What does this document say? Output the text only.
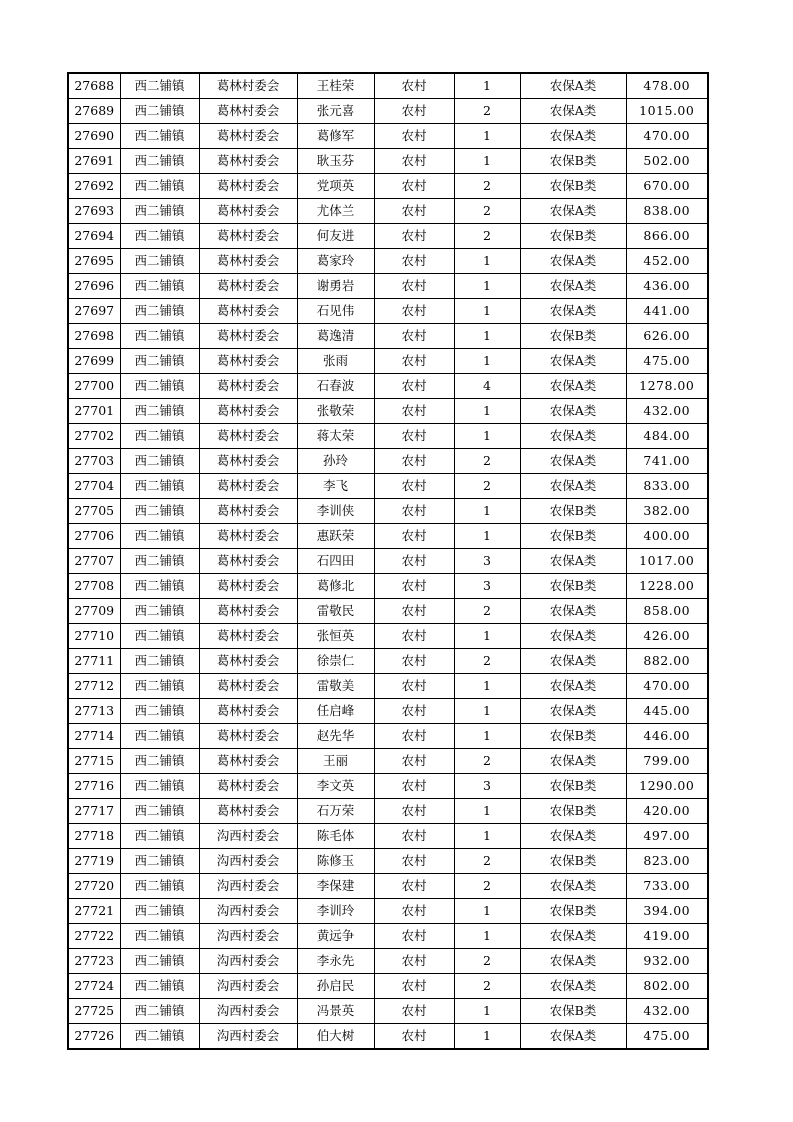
27688	西二铺镇	葛林村委会	王桂荣	农村	1	农保A类	478.00
27689	西二铺镇	葛林村委会	张元喜	农村	2	农保A类	1015.00
27690	西二铺镇	葛林村委会	葛修军	农村	1	农保A类	470.00
27691	西二铺镇	葛林村委会	耿玉芬	农村	1	农保B类	502.00
27692	西二铺镇	葛林村委会	党项英	农村	2	农保B类	670.00
27693	西二铺镇	葛林村委会	尤体兰	农村	2	农保A类	838.00
27694	西二铺镇	葛林村委会	何友进	农村	2	农保B类	866.00
27695	西二铺镇	葛林村委会	葛家玲	农村	1	农保A类	452.00
27696	西二铺镇	葛林村委会	谢勇岩	农村	1	农保A类	436.00
27697	西二铺镇	葛林村委会	石见伟	农村	1	农保A类	441.00
27698	西二铺镇	葛林村委会	葛逸清	农村	1	农保B类	626.00
27699	西二铺镇	葛林村委会	张雨	农村	1	农保A类	475.00
27700	西二铺镇	葛林村委会	石春波	农村	4	农保A类	1278.00
27701	西二铺镇	葛林村委会	张敬荣	农村	1	农保A类	432.00
27702	西二铺镇	葛林村委会	蒋太荣	农村	1	农保A类	484.00
27703	西二铺镇	葛林村委会	孙玲	农村	2	农保A类	741.00
27704	西二铺镇	葛林村委会	李飞	农村	2	农保A类	833.00
27705	西二铺镇	葛林村委会	李训侠	农村	1	农保B类	382.00
27706	西二铺镇	葛林村委会	惠跃荣	农村	1	农保B类	400.00
27707	西二铺镇	葛林村委会	石四田	农村	3	农保A类	1017.00
27708	西二铺镇	葛林村委会	葛修北	农村	3	农保B类	1228.00
27709	西二铺镇	葛林村委会	雷敬民	农村	2	农保A类	858.00
27710	西二铺镇	葛林村委会	张恒英	农村	1	农保A类	426.00
27711	西二铺镇	葛林村委会	徐崇仁	农村	2	农保A类	882.00
27712	西二铺镇	葛林村委会	雷敬美	农村	1	农保A类	470.00
27713	西二铺镇	葛林村委会	任启峰	农村	1	农保A类	445.00
27714	西二铺镇	葛林村委会	赵先华	农村	1	农保B类	446.00
27715	西二铺镇	葛林村委会	王丽	农村	2	农保A类	799.00
27716	西二铺镇	葛林村委会	李文英	农村	3	农保B类	1290.00
27717	西二铺镇	葛林村委会	石万荣	农村	1	农保B类	420.00
27718	西二铺镇	沟西村委会	陈毛体	农村	1	农保A类	497.00
27719	西二铺镇	沟西村委会	陈修玉	农村	2	农保B类	823.00
27720	西二铺镇	沟西村委会	李保建	农村	2	农保A类	733.00
27721	西二铺镇	沟西村委会	李训玲	农村	1	农保B类	394.00
27722	西二铺镇	沟西村委会	黄远争	农村	1	农保A类	419.00
27723	西二铺镇	沟西村委会	李永先	农村	2	农保A类	932.00
27724	西二铺镇	沟西村委会	孙启民	农村	2	农保A类	802.00
27725	西二铺镇	沟西村委会	冯景英	农村	1	农保B类	432.00
27726	西二铺镇	沟西村委会	伯大树	农村	1	农保A类	475.00
